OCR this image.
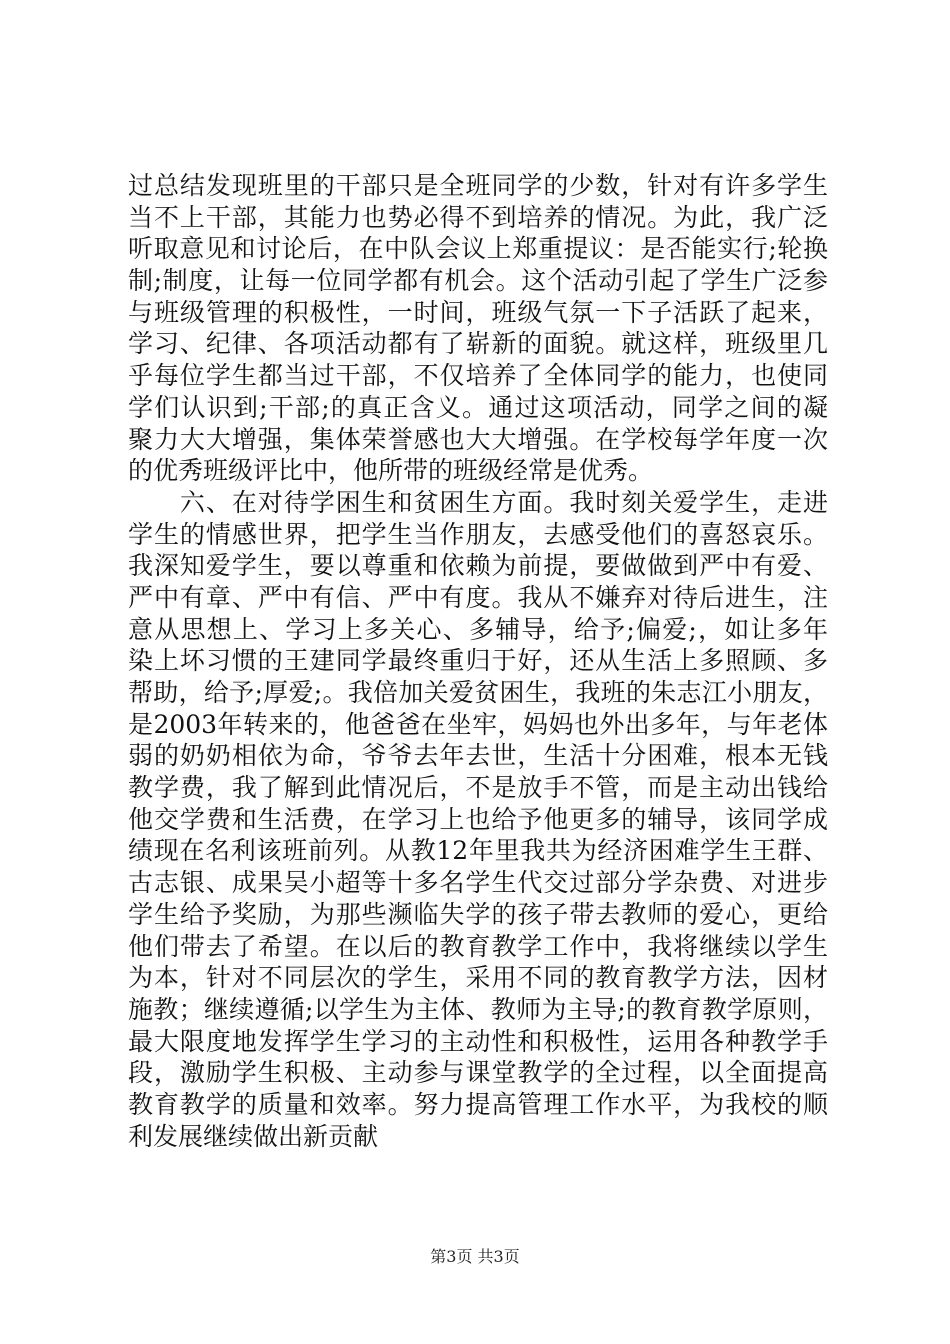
过总结发现班里的干部只是全班同学的少数，针对有许多学生
当不上干部，其能力也势必得不到培养的情况。为此，我广泛
听取意见和讨论后，在中队会议上郑重提议：是否能实行;轮换
制;制度，让每一位同学都有机会。这个活动引起了学生广泛参
与班级管理的积极性，一时间，班级气氛一下子活跃了起来，
学习、纪律、各项活动都有了崭新的面貌。就这样，班级里几
乎每位学生都当过干部，不仅培养了全体同学的能力，也使同
学们认识到;干部;的真正含义。通过这项活动，同学之间的凝
聚力大大增强，集体荣誉感也大大增强。在学校每学年度一次
的优秀班级评比中，他所带的班级经常是优秀。
　　六、在对待学困生和贫困生方面。我时刻关爱学生，走进
学生的情感世界，把学生当作朋友，去感受他们的喜怒哀乐。
我深知爱学生，要以尊重和依赖为前提，要做做到严中有爱、
严中有章、严中有信、严中有度。我从不嫌弃对待后进生，注
意从思想上、学习上多关心、多辅导，给予;偏爱;，如让多年
染上坏习惯的王建同学最终重归于好，还从生活上多照顾、多
帮助，给予;厚爱;。我倍加关爱贫困生，我班的朱志江小朋友，
是2003年转来的，他爸爸在坐牢，妈妈也外出多年，与年老体
弱的奶奶相依为命，爷爷去年去世，生活十分困难，根本无钱
教学费，我了解到此情况后，不是放手不管，而是主动出钱给
他交学费和生活费，在学习上也给予他更多的辅导，该同学成
绩现在名利该班前列。从教12年里我共为经济困难学生王群、
古志银、成果吴小超等十多名学生代交过部分学杂费、对进步
学生给予奖励，为那些濒临失学的孩子带去教师的爱心，更给
他们带去了希望。在以后的教育教学工作中，我将继续以学生
为本，针对不同层次的学生，采用不同的教育教学方法，因材
施教；继续遵循;以学生为主体、教师为主导;的教育教学原则，
最大限度地发挥学生学习的主动性和积极性，运用各种教学手
段，激励学生积极、主动参与课堂教学的全过程，以全面提高
教育教学的质量和效率。努力提高管理工作水平，为我校的顺
利发展继续做出新贡献
第3页 共3页
